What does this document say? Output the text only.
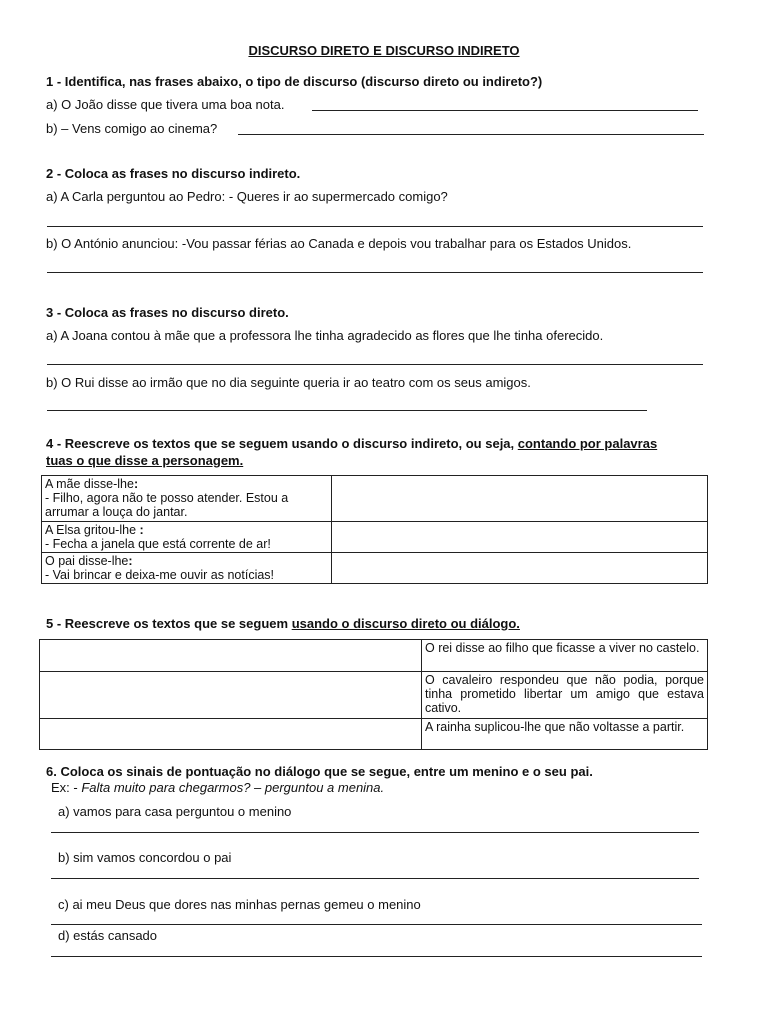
DISCURSO DIRETO E DISCURSO INDIRETO
1 - Identifica, nas frases abaixo, o tipo de discurso (discurso direto ou indireto?)
a) O João disse que tivera uma boa nota.
b) – Vens comigo ao cinema?
2 - Coloca as frases no discurso indireto.
a) A Carla perguntou ao Pedro: - Queres ir ao supermercado comigo?
b) O António anunciou: -Vou passar férias ao Canada e depois vou trabalhar para os Estados Unidos.
3 - Coloca as frases no discurso direto.
a) A Joana contou à mãe que a professora lhe tinha agradecido as flores que lhe tinha oferecido.
b) O Rui disse ao irmão que no dia seguinte queria ir ao teatro com os seus amigos.
4 - Reescreve os textos que se seguem usando o discurso indireto, ou seja, contando por palavras
tuas o que disse a personagem.
A mãe disse-lhe:
- Filho, agora não te posso atender. Estou a
arrumar a louça do jantar.	

A Elsa gritou-lhe :
- Fecha a janela que está corrente de ar!	

O pai disse-lhe:
- Vai brincar e deixa-me ouvir as notícias!	

5 - Reescreve os textos que se seguem usando o discurso direto ou diálogo.
	O rei disse ao filho que ficasse a viver no castelo.
	O cavaleiro respondeu que não podia, porque tinha prometido libertar um amigo que estava cativo.
	A rainha suplicou-lhe que não voltasse a partir.
6. Coloca os sinais de pontuação no diálogo que se segue, entre um menino e o seu pai.
Ex: - Falta muito para chegarmos? – perguntou a menina.
a) vamos para casa perguntou o menino
b) sim vamos concordou o pai
c) ai meu Deus que dores nas minhas pernas gemeu o menino
d) estás cansado
